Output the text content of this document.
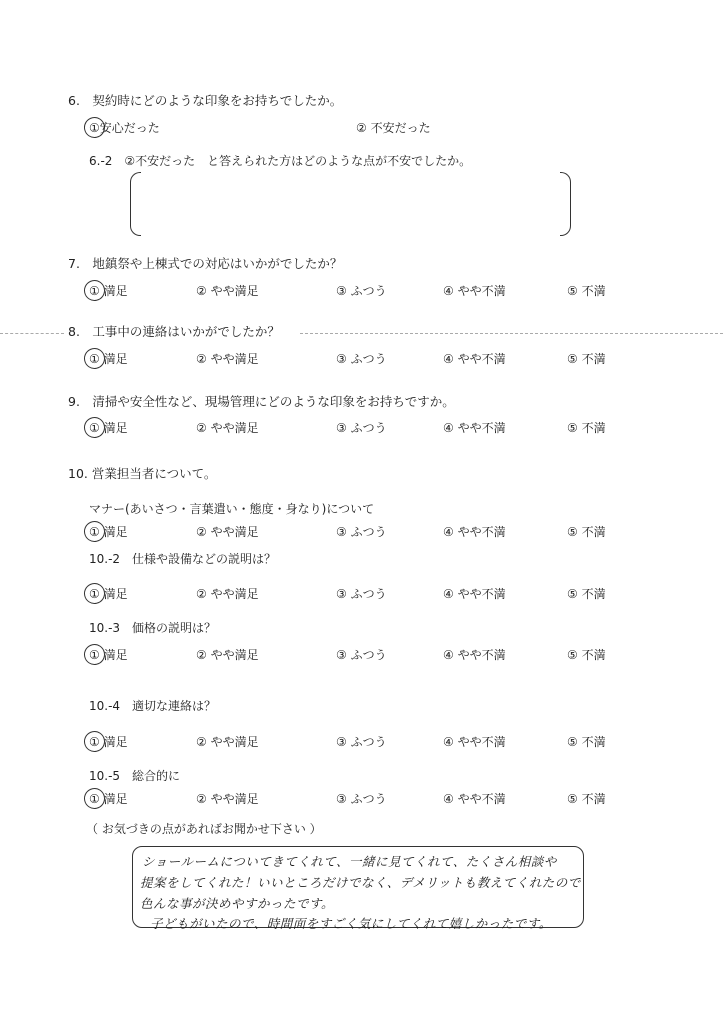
6.　契約時にどのような印象をお持ちでしたか。
①安心だった	② 不安だった
6.-2　②不安だった　と答えられた方はどのような点が不安でしたか。
7.　地鎮祭や上棟式での対応はいかがでしたか？
① 満足	② やや満足	③ ふつう	④ やや不満	⑤ 不満
8.　工事中の連絡はいかがでしたか？
① 満足	② やや満足	③ ふつう	④ やや不満	⑤ 不満
9.　清掃や安全性など、現場管理にどのような印象をお持ちですか。
① 満足	② やや満足	③ ふつう	④ やや不満	⑤ 不満
10. 営業担当者について。
マナー(あいさつ・言葉遣い・態度・身なり)について
① 満足	② やや満足	③ ふつう	④ やや不満	⑤ 不満
10.-2　仕様や設備などの説明は？
① 満足	② やや満足	③ ふつう	④ やや不満	⑤ 不満
10.-3　価格の説明は？
① 満足	② やや満足	③ ふつう	④ やや不満	⑤ 不満
10.-4　適切な連絡は？
① 満足	② やや満足	③ ふつう	④ やや不満	⑤ 不満
10.-5　総合的に
① 満足	② やや満足	③ ふつう	④ やや不満	⑤ 不満
（ お気づきの点があればお聞かせ下さい ）
ショールームについてきてくれて、一緒に見てくれて、たくさん相談や
提案をしてくれた！いいところだけでなく、デメリットも教えてくれたので
色んな事が決めやすかったです。
子どもがいたので、時間面をすごく気にしてくれて嬉しかったです。
